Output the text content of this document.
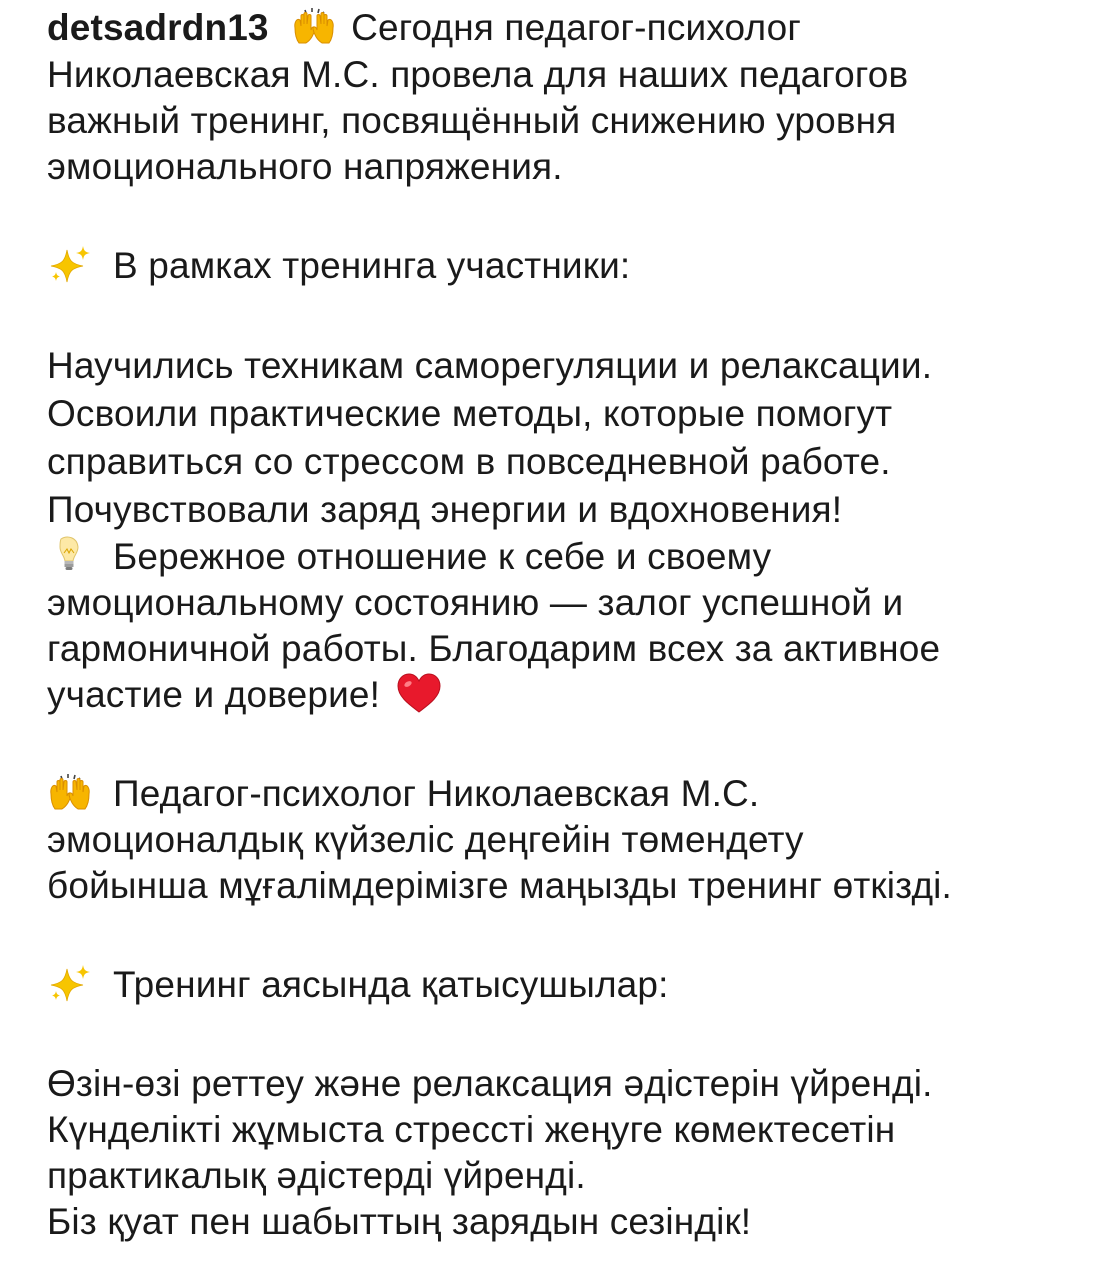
detsadrdn13 Сегодня педагог-психолог
Николаевская М.С. провела для наших педагогов
важный тренинг, посвящённый снижению уровня
эмоционального напряжения.
В рамках тренинга участники:
Научились техникам саморегуляции и релаксации.
Освоили практические методы, которые помогут
справиться со стрессом в повседневной работе.
Почувствовали заряд энергии и вдохновения!
Бережное отношение к себе и своему
эмоциональному состоянию — залог успешной и
гармоничной работы. Благодарим всех за активное
участие и доверие!
Педагог-психолог Николаевская М.С.
эмоционалдық күйзеліс деңгейін төмендету
бойынша мұғалімдерімізге маңызды тренинг өткізді.
Тренинг аясында қатысушылар:
Өзін-өзі реттеу және релаксация әдістерін үйренді.
Күнделікті жұмыста стрессті жеңуге көмектесетін
практикалық әдістерді үйренді.
Біз қуат пен шабыттың зарядын сезіндік!
